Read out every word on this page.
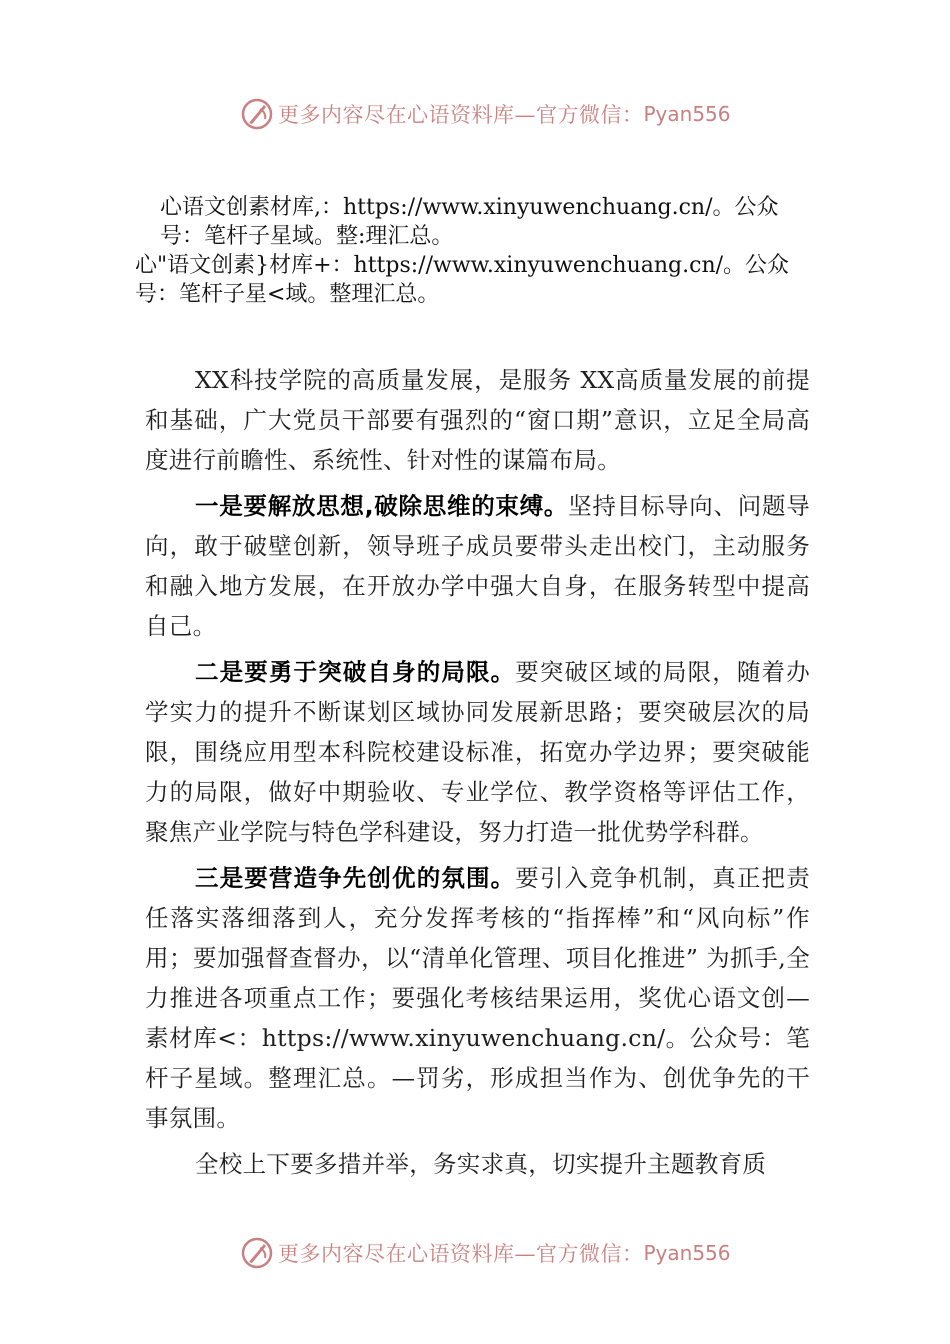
更多内容尽在心语资料库—官方微信： Pyan556
心语文创素材库,：https://www.xinyuwenchuang.cn/。公众
号：笔杆子星域。整:理汇总。
心"语文创素}材库+：https://www.xinyuwenchuang.cn/。公众
号：笔杆子星<域。整理汇总。

XX科技学院的高质量发展，是服务 XX高质量发展的前提和基础，广大党员干部要有强烈的“窗口期”意识，立足全局高度进行前瞻性、系统性、针对性的谋篇布局。

一是要解放思想,破除思维的束缚。坚持目标导向、问题导向，敢于破壁创新，领导班子成员要带头走出校门，主动服务和融入地方发展，在开放办学中强大自身，在服务转型中提高自己。

二是要勇于突破自身的局限。要突破区域的局限，随着办学实力的提升不断谋划区域协同发展新思路；要突破层次的局限，围绕应用型本科院校建设标准，拓宽办学边界；要突破能力的局限，做好中期验收、专业学位、教学资格等评估工作，聚焦产业学院与特色学科建设，努力打造一批优势学科群。

三是要营造争先创优的氛围。要引入竞争机制，真正把责任落实落细落到人，充分发挥考核的“指挥棒”和“风向标”作用；要加强督查督办，以“清单化管理、项目化推进” 为抓手,全力推进各项重点工作；要强化考核结果运用，奖优心语文创—素材库<：https://www.xinyuwenchuang.cn/。公众号：笔杆子星域。整理汇总。—罚劣，形成担当作为、创优争先的干事氛围。

全校上下要多措并举，务实求真，切实提升主题教育质

更多内容尽在心语资料库—官方微信： Pyan556
